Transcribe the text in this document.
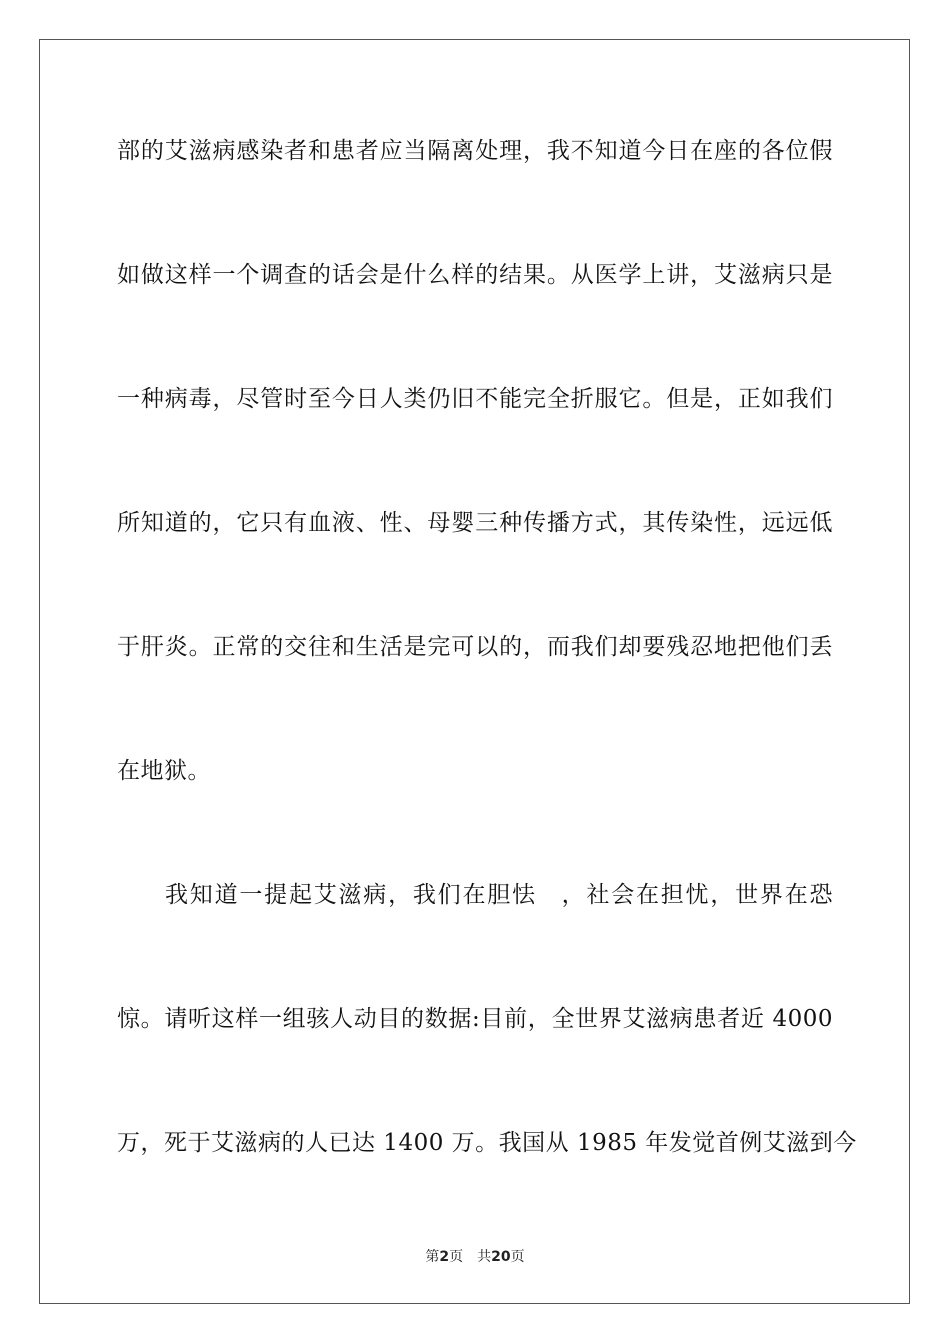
部的艾滋病感染者和患者应当隔离处理，我不知道今日在座的各位假
如做这样一个调查的话会是什么样的结果。从医学上讲，艾滋病只是
一种病毒，尽管时至今日人类仍旧不能完全折服它。但是，正如我们
所知道的，它只有血液、性、母婴三种传播方式，其传染性，远远低
于肝炎。正常的交往和生活是完可以的，而我们却要残忍地把他们丢
在地狱。
我知道一提起艾滋病，我们在胆怯　，社会在担忧，世界在恐
惊。请听这样一组骇人动目的数据:目前，全世界艾滋病患者近 4000
万，死于艾滋病的人已达 1400 万。我国从 1985 年发觉首例艾滋到今
第2页 共20页
